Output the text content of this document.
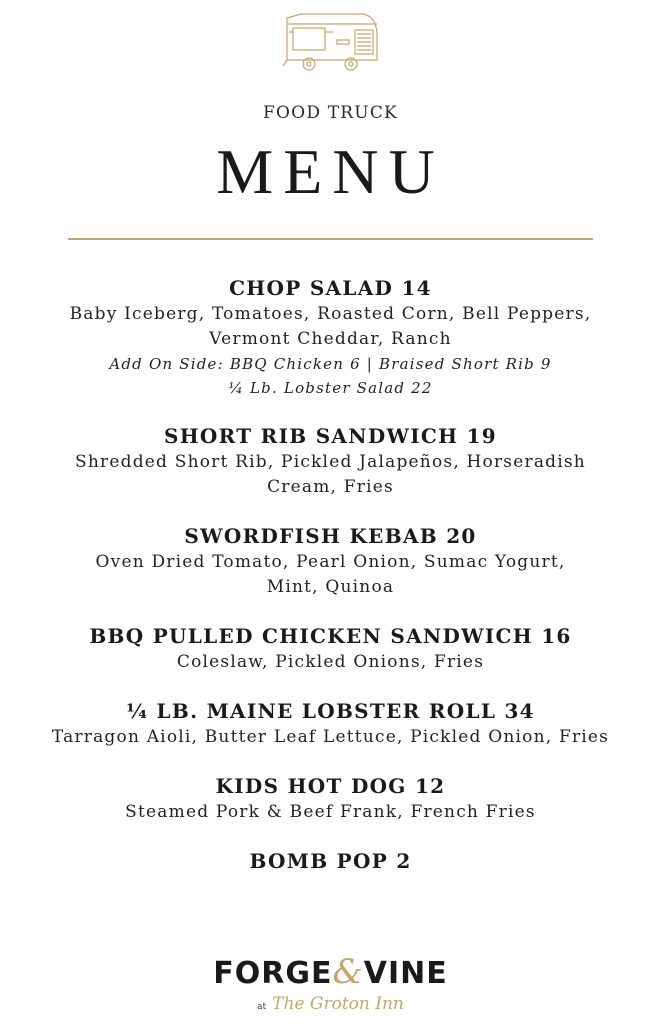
FOOD TRUCK
MENU
CHOP SALAD 14
Baby Iceberg, Tomatoes, Roasted Corn, Bell Peppers,
Vermont Cheddar, Ranch
Add On Side: BBQ Chicken 6 | Braised Short Rib 9
¼ Lb. Lobster Salad 22
SHORT RIB SANDWICH 19
Shredded Short Rib, Pickled Jalapeños, Horseradish
Cream, Fries
SWORDFISH KEBAB 20
Oven Dried Tomato, Pearl Onion, Sumac Yogurt,
Mint, Quinoa
BBQ PULLED CHICKEN SANDWICH 16
Coleslaw, Pickled Onions, Fries
¼ LB. MAINE LOBSTER ROLL 34
Tarragon Aioli, Butter Leaf Lettuce, Pickled Onion, Fries
KIDS HOT DOG 12
Steamed Pork & Beef Frank, French Fries
BOMB POP 2
FORGE&VINE
at The Groton Inn
